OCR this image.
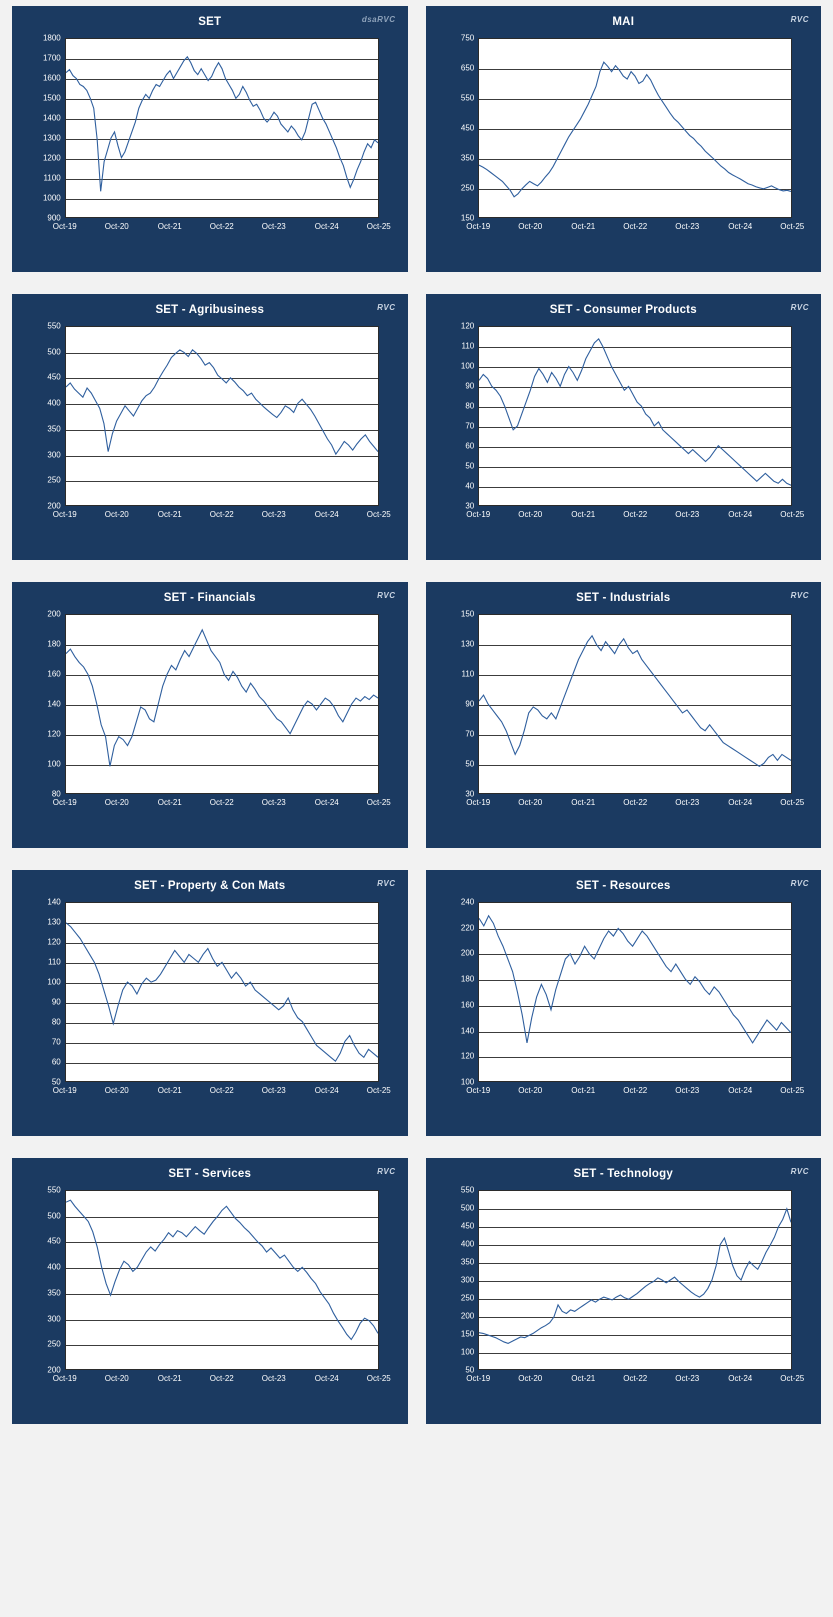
SET	dsaRVC
900
1000
1100
1200
1300
1400
1500
1600
1700
1800
Oct-19	Oct-20	Oct-21	Oct-22	Oct-23	Oct-24	Oct-25
MAI	RVC
150
250
350
450
550
650
750
Oct-19	Oct-20	Oct-21	Oct-22	Oct-23	Oct-24	Oct-25
SET - Agribusiness	RVC
200
250
300
350
400
450
500
550
Oct-19	Oct-20	Oct-21	Oct-22	Oct-23	Oct-24	Oct-25
SET - Consumer Products	RVC
30
40
50
60
70
80
90
100
110
120
Oct-19	Oct-20	Oct-21	Oct-22	Oct-23	Oct-24	Oct-25
SET - Financials	RVC
80
100
120
140
160
180
200
Oct-19	Oct-20	Oct-21	Oct-22	Oct-23	Oct-24	Oct-25
SET - Industrials	RVC
30
50
70
90
110
130
150
Oct-19	Oct-20	Oct-21	Oct-22	Oct-23	Oct-24	Oct-25
SET - Property & Con Mats	RVC
50
60
70
80
90
100
110
120
130
140
Oct-19	Oct-20	Oct-21	Oct-22	Oct-23	Oct-24	Oct-25
SET - Resources	RVC
100
120
140
160
180
200
220
240
Oct-19	Oct-20	Oct-21	Oct-22	Oct-23	Oct-24	Oct-25
SET - Services	RVC
200
250
300
350
400
450
500
550
Oct-19	Oct-20	Oct-21	Oct-22	Oct-23	Oct-24	Oct-25
SET - Technology	RVC
50
100
150
200
250
300
350
400
450
500
550
Oct-19	Oct-20	Oct-21	Oct-22	Oct-23	Oct-24	Oct-25
